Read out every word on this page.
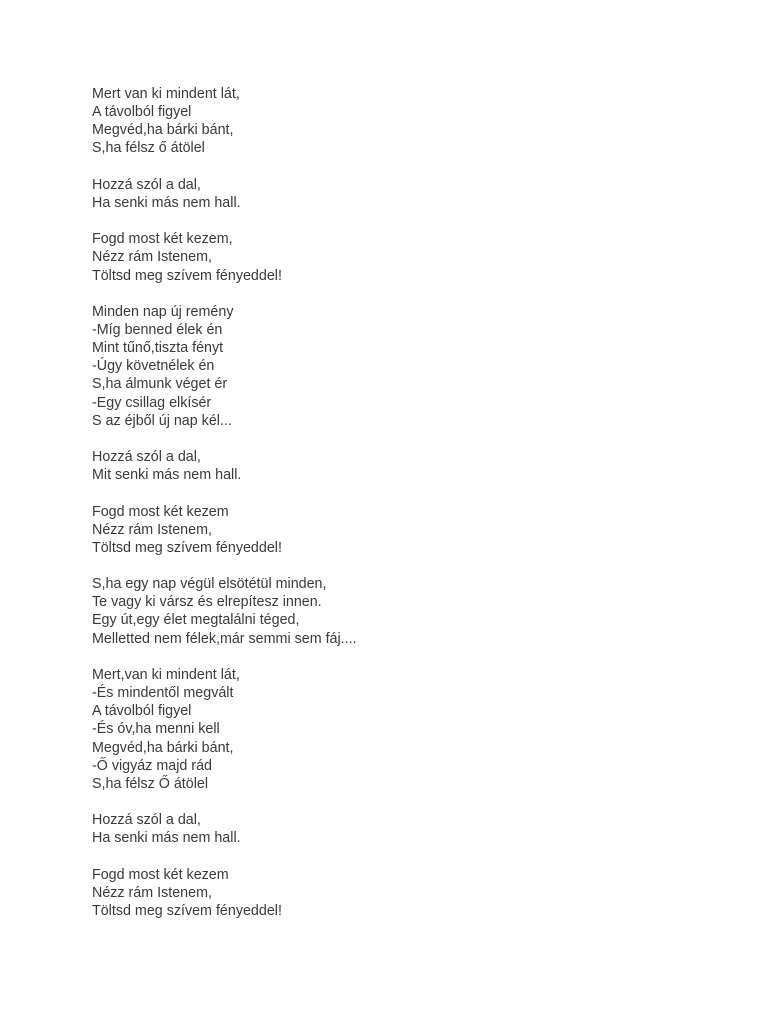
Mert van ki mindent lát,
A távolból figyel
Megvéd,ha bárki bánt,
S,ha félsz ő átölel
Hozzá szól a dal,
Ha senki más nem hall.
Fogd most két kezem,
Nézz rám Istenem,
Töltsd meg szívem fényeddel!
Minden nap új remény
-Míg benned élek én
Mint tűnő,tiszta fényt
-Úgy követnélek én
S,ha álmunk véget ér
-Egy csillag elkísér
S az éjből új nap kél...
Hozzá szól a dal,
Mit senki más nem hall.
Fogd most két kezem
Nézz rám Istenem,
Töltsd meg szívem fényeddel!
S,ha egy nap végül elsötétül minden,
Te vagy ki vársz és elrepítesz innen.
Egy út,egy élet megtalálni téged,
Melletted nem félek,már semmi sem fáj....
Mert,van ki mindent lát,
-És mindentől megvált
A távolból figyel
-És óv,ha menni kell
Megvéd,ha bárki bánt,
-Ő vigyáz majd rád
S,ha félsz Ő átölel
Hozzá szól a dal,
Ha senki más nem hall.
Fogd most két kezem
Nézz rám Istenem,
Töltsd meg szívem fényeddel!
